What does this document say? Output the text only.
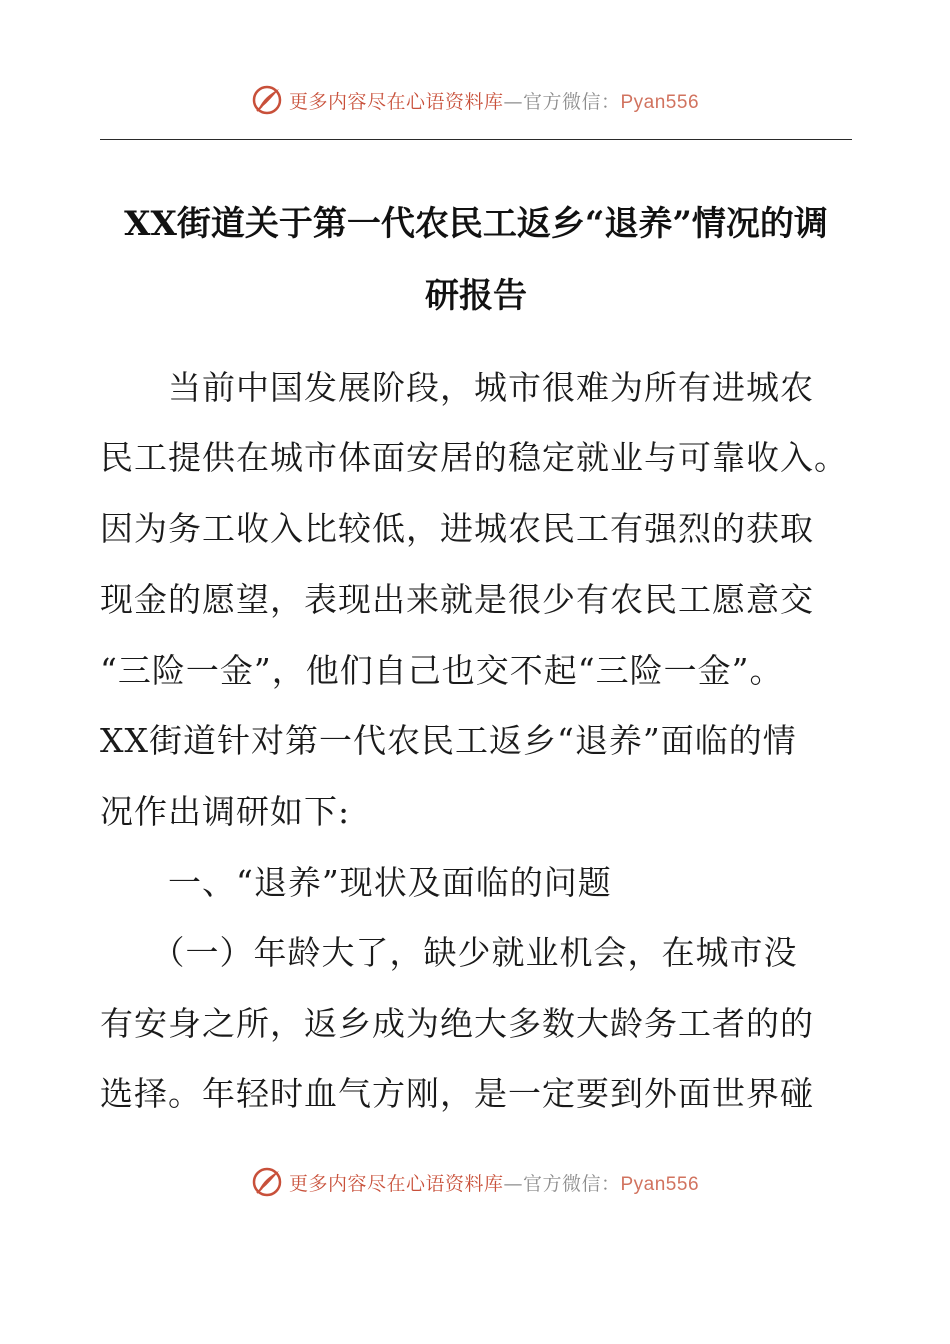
更多内容尽在心语资料库—官方微信：Pyan556
XX街道关于第一代农民工返乡“退养”情况的调
研报告
　　当前中国发展阶段，城市很难为所有进城农
民工提供在城市体面安居的稳定就业与可靠收入。
因为务工收入比较低，进城农民工有强烈的获取
现金的愿望，表现出来就是很少有农民工愿意交
“三险一金”，他们自己也交不起“三险一金”。
XX街道针对第一代农民工返乡“退养”面临的情
况作出调研如下:
　　一、“退养”现状及面临的问题
　　（一）年龄大了，缺少就业机会，在城市没
有安身之所，返乡成为绝大多数大龄务工者的的
选择。年轻时血气方刚，是一定要到外面世界碰
更多内容尽在心语资料库—官方微信：Pyan556
